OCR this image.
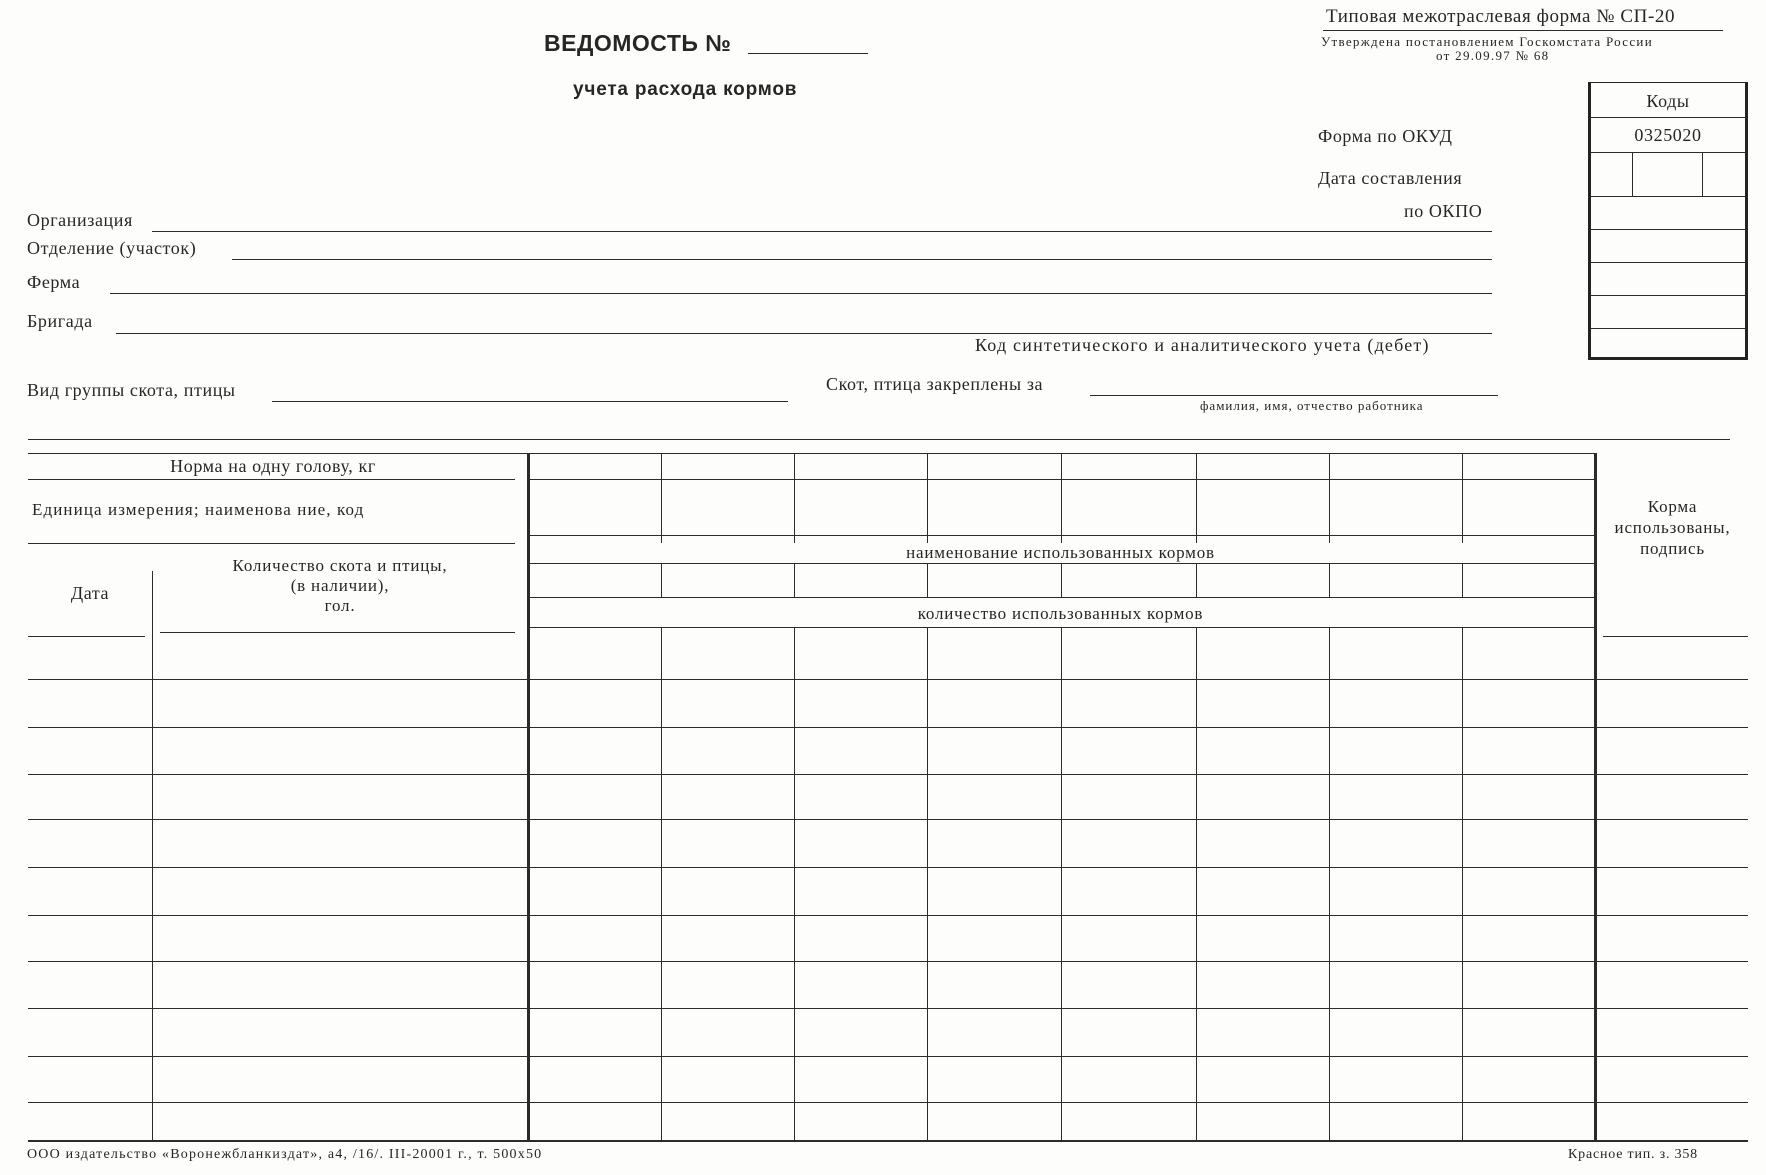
ВЕДОМОСТЬ №
учета расхода кормов
Типовая межотраслевая форма № СП-20
Утверждена постановлением Госкомстата России
от 29.09.97 № 68
Форма по ОКУД
Дата составления
по ОКПО
Коды
0325020
Организация
Отделение (участок)
Ферма
Бригада
Код синтетического и аналитического учета (дебет)
Вид группы скота, птицы	Скот, птица закреплены за
фамилия, имя, отчество работника
Норма на одну голову, кг
Единица измерения; наименова ние, код
Дата
Количество скота и птицы,
(в наличии),
гол.
наименование использованных кормов
количество использованных кормов
Корма
использованы,
подпись
ООО издательство «Воронежбланкиздат», а4, /16/. III-20001 г., т. 500x50	Красное тип. з. 358
